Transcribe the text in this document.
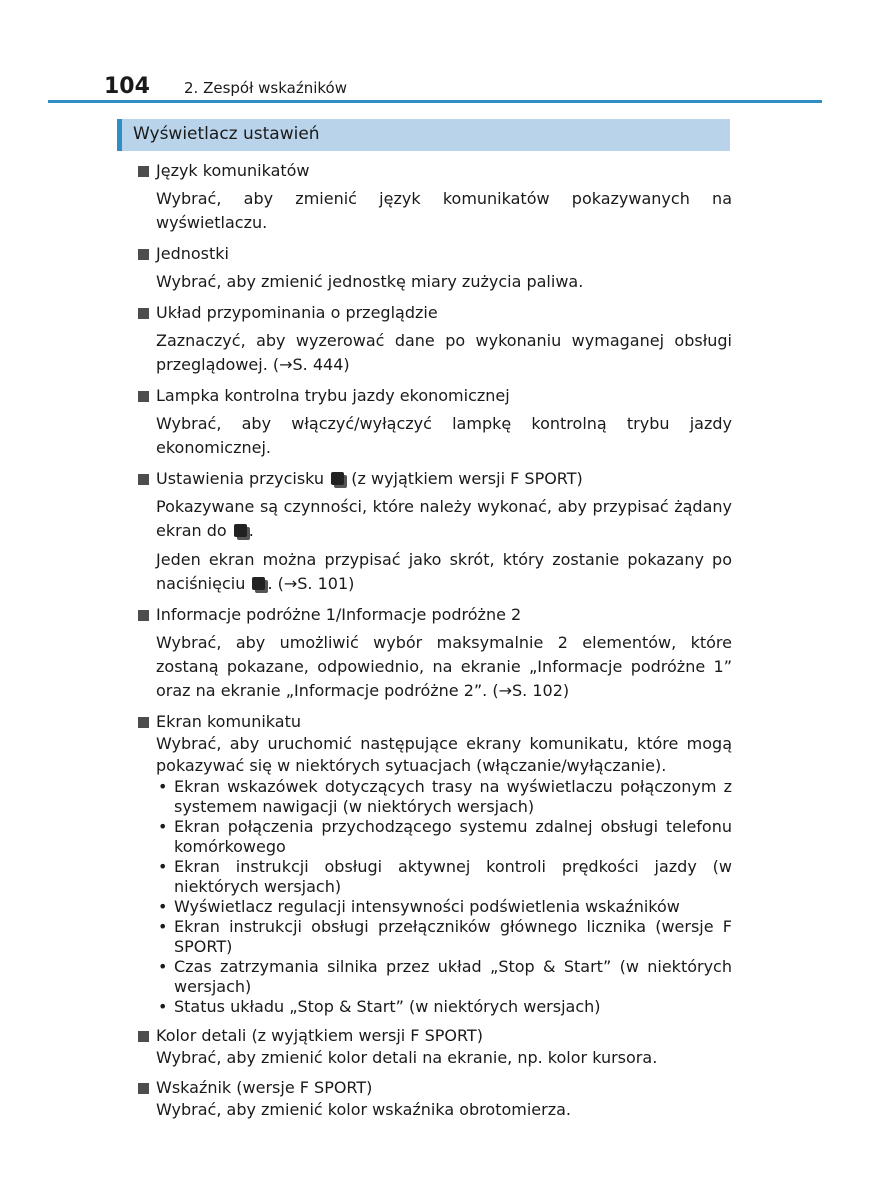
104 2. Zespół wskaźników
Wyświetlacz ustawień
Język komunikatów
Wybrać, aby zmienić język komunikatów pokazywanych na wyświetlaczu.
Jednostki
Wybrać, aby zmienić jednostkę miary zużycia paliwa.
Układ przypominania o przeglądzie
Zaznaczyć, aby wyzerować dane po wykonaniu wymaganej obsługi przeglądowej. (→S. 444)
Lampka kontrolna trybu jazdy ekonomicznej
Wybrać, aby włączyć/wyłączyć lampkę kontrolną trybu jazdy ekonomicznej.
Ustawienia przycisku (z wyjątkiem wersji F SPORT)
Pokazywane są czynności, które należy wykonać, aby przypisać żądany ekran do .
Jeden ekran można przypisać jako skrót, który zostanie pokazany po naciśnięciu . (→S. 101)
Informacje podróżne 1/Informacje podróżne 2
Wybrać, aby umożliwić wybór maksymalnie 2 elementów, które zostaną pokazane, odpowiednio, na ekranie „Informacje podróżne 1” oraz na ekranie „Informacje podróżne 2”. (→S. 102)
Ekran komunikatu
Wybrać, aby uruchomić następujące ekrany komunikatu, które mogą pokazywać się w niektórych sytuacjach (włączanie/wyłączanie).
• Ekran wskazówek dotyczących trasy na wyświetlaczu połączonym z systemem nawigacji (w niektórych wersjach)
• Ekran połączenia przychodzącego systemu zdalnej obsługi telefonu komórkowego
• Ekran instrukcji obsługi aktywnej kontroli prędkości jazdy (w niektórych wersjach)
• Wyświetlacz regulacji intensywności podświetlenia wskaźników
• Ekran instrukcji obsługi przełączników głównego licznika (wersje F SPORT)
• Czas zatrzymania silnika przez układ „Stop & Start” (w niektórych wersjach)
• Status układu „Stop & Start” (w niektórych wersjach)
Kolor detali (z wyjątkiem wersji F SPORT)
Wybrać, aby zmienić kolor detali na ekranie, np. kolor kursora.
Wskaźnik (wersje F SPORT)
Wybrać, aby zmienić kolor wskaźnika obrotomierza.
